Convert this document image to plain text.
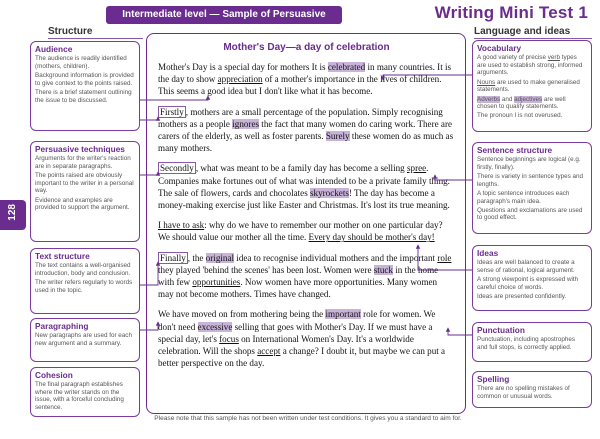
Intermediate level — Sample of Persuasive	Writing Mini Test 1
Structure	Language and ideas
128
Audience

The audience is readily identified (mothers, children).

Background information is provided to give context to the points raised.

There is a brief statement outlining the issue to be discussed.

Persuasive techniques

Arguments for the writer's reaction are in separate paragraphs.

The points raised are obviously important to the writer in a personal way.

Evidence and examples are provided to support the argument.

Text structure

The text contains a well-organised introduction, body and conclusion.

The writer refers regularly to words used in the topic.

Paragraphing

New paragraphs are used for each new argument and a summary.

Cohesion

The final paragraph establishes where the writer stands on the issue, with a forceful concluding sentence.

Vocabulary

A good variety of precise verb types are used to establish strong, informed arguments.

Nouns are used to make generalised statements.

Adverbs and adjectives are well chosen to qualify statements.

The pronoun I is not overused.

Sentence structure

Sentence beginnings are logical (e.g. firstly, finally).

There is variety in sentence types and lengths.

A topic sentence introduces each paragraph's main idea.

Questions and exclamations are used to good effect.

Ideas

Ideas are well balanced to create a sense of rational, logical argument.

A strong viewpoint is expressed with careful choice of words.

Ideas are presented confidently.

Punctuation

Punctuation, including apostrophes and full stops, is correctly applied.

Spelling

There are no spelling mistakes of common or unusual words.

Mother's Day—a day of celebration

Mother's Day is a special day for mothers It is celebrated in many countries. It is the day to show appreciation of a mother's importance in the lives of children. This seems a good idea but I don't like what it has become.

Firstly , mothers are a small percentage of the population. Simply recognising mothers as a people ignores the fact that many women do caring work. There are carers of the elderly, as well as foster parents. Surely these women do as much as many mothers.

Secondly , what was meant to be a family day has become a selling spree. Companies make fortunes out of what was intended to be a private family thing. The sale of flowers, cards and chocolates skyrockets! The day has become a money-making exercise just like Easter and Christmas. It's lost its true meaning.

I have to ask: why do we have to remember our mother on one particular day? We should value our mother all the time. Every day should be mother's day!

Finally , the original idea to recognise individual mothers and the important role they played 'behind the scenes' has been lost. Women were stuck in the home with few opportunities. Now women have more opportunities. Many women may not become mothers. Times have changed.

We have moved on from mothering being the important role for women. We don't need excessive selling that goes with Mother's Day. If we must have a special day, let's focus on International Women's Day. It's a worldwide celebration. Will the shops accept a change? I doubt it, but maybe we can put a better perspective on the day.

Please note that this sample has not been written under test conditions. It gives you a standard to aim for.
